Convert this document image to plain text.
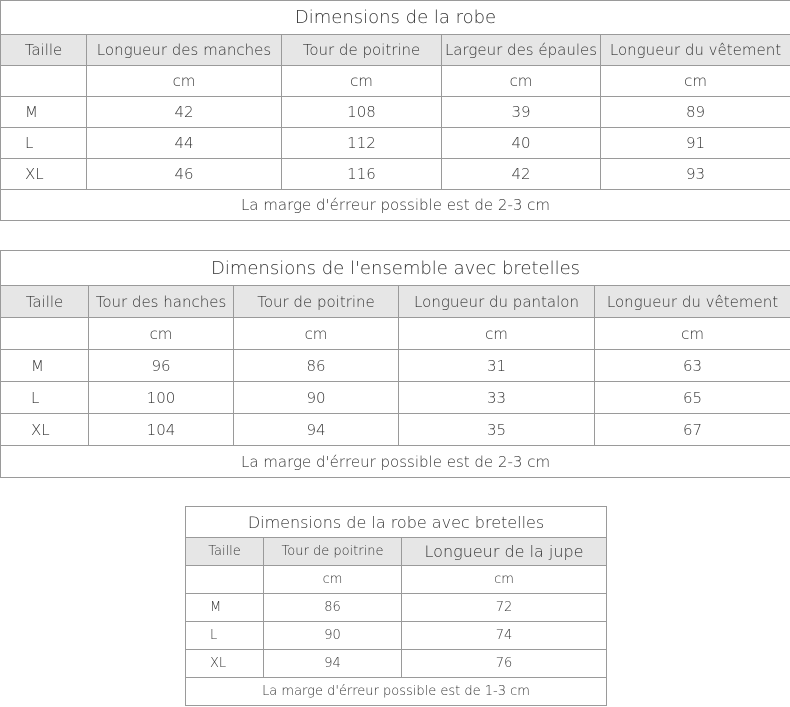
Dimensions de la robe				
Taille	Longueur des manches	Tour de poitrine	Largeur des épaules	Longueur du vêtement
	cm	cm	cm	cm
M	42	108	39	89
L	44	112	40	91
XL	46	116	42	93
La marge d'érreur possible est de 2-3 cm				
Dimensions de l'ensemble avec bretelles				
Taille	Tour des hanches	Tour de poitrine	Longueur du pantalon	Longueur du vêtement
	cm	cm	cm	cm
M	96	86	31	63
L	100	90	33	65
XL	104	94	35	67
La marge d'érreur possible est de 2-3 cm				
Dimensions de la robe avec bretelles		
Taille	Tour de poitrine	Longueur de la jupe
	cm	cm
M	86	72
L	90	74
XL	94	76
La marge d'érreur possible est de 1-3 cm		
